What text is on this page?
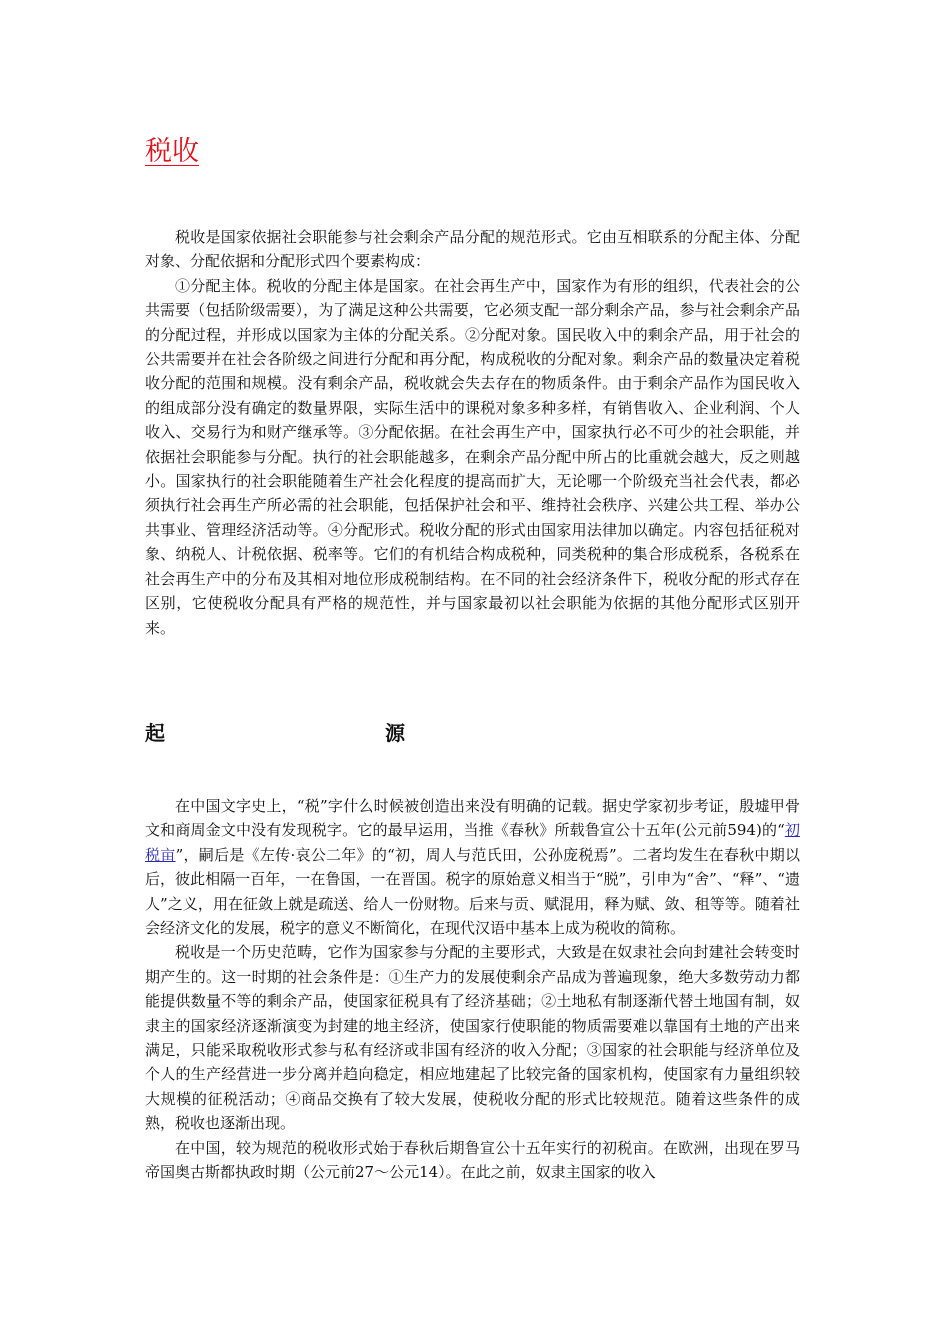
税收

税收是国家依据社会职能参与社会剩余产品分配的规范形式。它由互相联系的分配主体、分配对象、分配依据和分配形式四个要素构成：

①分配主体。税收的分配主体是国家。在社会再生产中，国家作为有形的组织，代表社会的公共需要（包括阶级需要），为了满足这种公共需要，它必须支配一部分剩余产品，参与社会剩余产品的分配过程，并形成以国家为主体的分配关系。②分配对象。国民收入中的剩余产品，用于社会的公共需要并在社会各阶级之间进行分配和再分配，构成税收的分配对象。剩余产品的数量决定着税收分配的范围和规模。没有剩余产品，税收就会失去存在的物质条件。由于剩余产品作为国民收入的组成部分没有确定的数量界限，实际生活中的课税对象多种多样，有销售收入、企业利润、个人收入、交易行为和财产继承等。③分配依据。在社会再生产中，国家执行必不可少的社会职能，并依据社会职能参与分配。执行的社会职能越多，在剩余产品分配中所占的比重就会越大，反之则越小。国家执行的社会职能随着生产社会化程度的提高而扩大，无论哪一个阶级充当社会代表，都必须执行社会再生产所必需的社会职能，包括保护社会和平、维持社会秩序、兴建公共工程、举办公共事业、管理经济活动等。④分配形式。税收分配的形式由国家用法律加以确定。内容包括征税对象、纳税人、计税依据、税率等。它们的有机结合构成税种，同类税种的集合形成税系，各税系在社会再生产中的分布及其相对地位形成税制结构。在不同的社会经济条件下，税收分配的形式存在区别，它使税收分配具有严格的规范性，并与国家最初以社会职能为依据的其他分配形式区别开来。

起	源

在中国文字史上，“税”字什么时候被创造出来没有明确的记载。据史学家初步考证，殷墟甲骨文和商周金文中没有发现税字。它的最早运用，当推《春秋》所载鲁宣公十五年(公元前594)的“初税亩”，嗣后是《左传·哀公二年》的“初，周人与范氏田，公孙庞税焉”。二者均发生在春秋中期以后，彼此相隔一百年，一在鲁国，一在晋国。税字的原始意义相当于“脱”，引申为“舍”、“释”、“遗人”之义，用在征敛上就是疏送、给人一份财物。后来与贡、赋混用，释为赋、敛、租等等。随着社会经济文化的发展，税字的意义不断简化，在现代汉语中基本上成为税收的简称。

税收是一个历史范畴，它作为国家参与分配的主要形式，大致是在奴隶社会向封建社会转变时期产生的。这一时期的社会条件是：①生产力的发展使剩余产品成为普遍现象，绝大多数劳动力都能提供数量不等的剩余产品，使国家征税具有了经济基础；②土地私有制逐渐代替土地国有制，奴隶主的国家经济逐渐演变为封建的地主经济，使国家行使职能的物质需要难以靠国有土地的产出来满足，只能采取税收形式参与私有经济或非国有经济的收入分配；③国家的社会职能与经济单位及个人的生产经营进一步分离并趋向稳定，相应地建起了比较完备的国家机构，使国家有力量组织较大规模的征税活动；④商品交换有了较大发展，使税收分配的形式比较规范。随着这些条件的成熟，税收也逐渐出现。

在中国，较为规范的税收形式始于春秋后期鲁宣公十五年实行的初税亩。在欧洲，出现在罗马帝国奥古斯都执政时期（公元前27～公元14）。在此之前，奴隶主国家的收入
